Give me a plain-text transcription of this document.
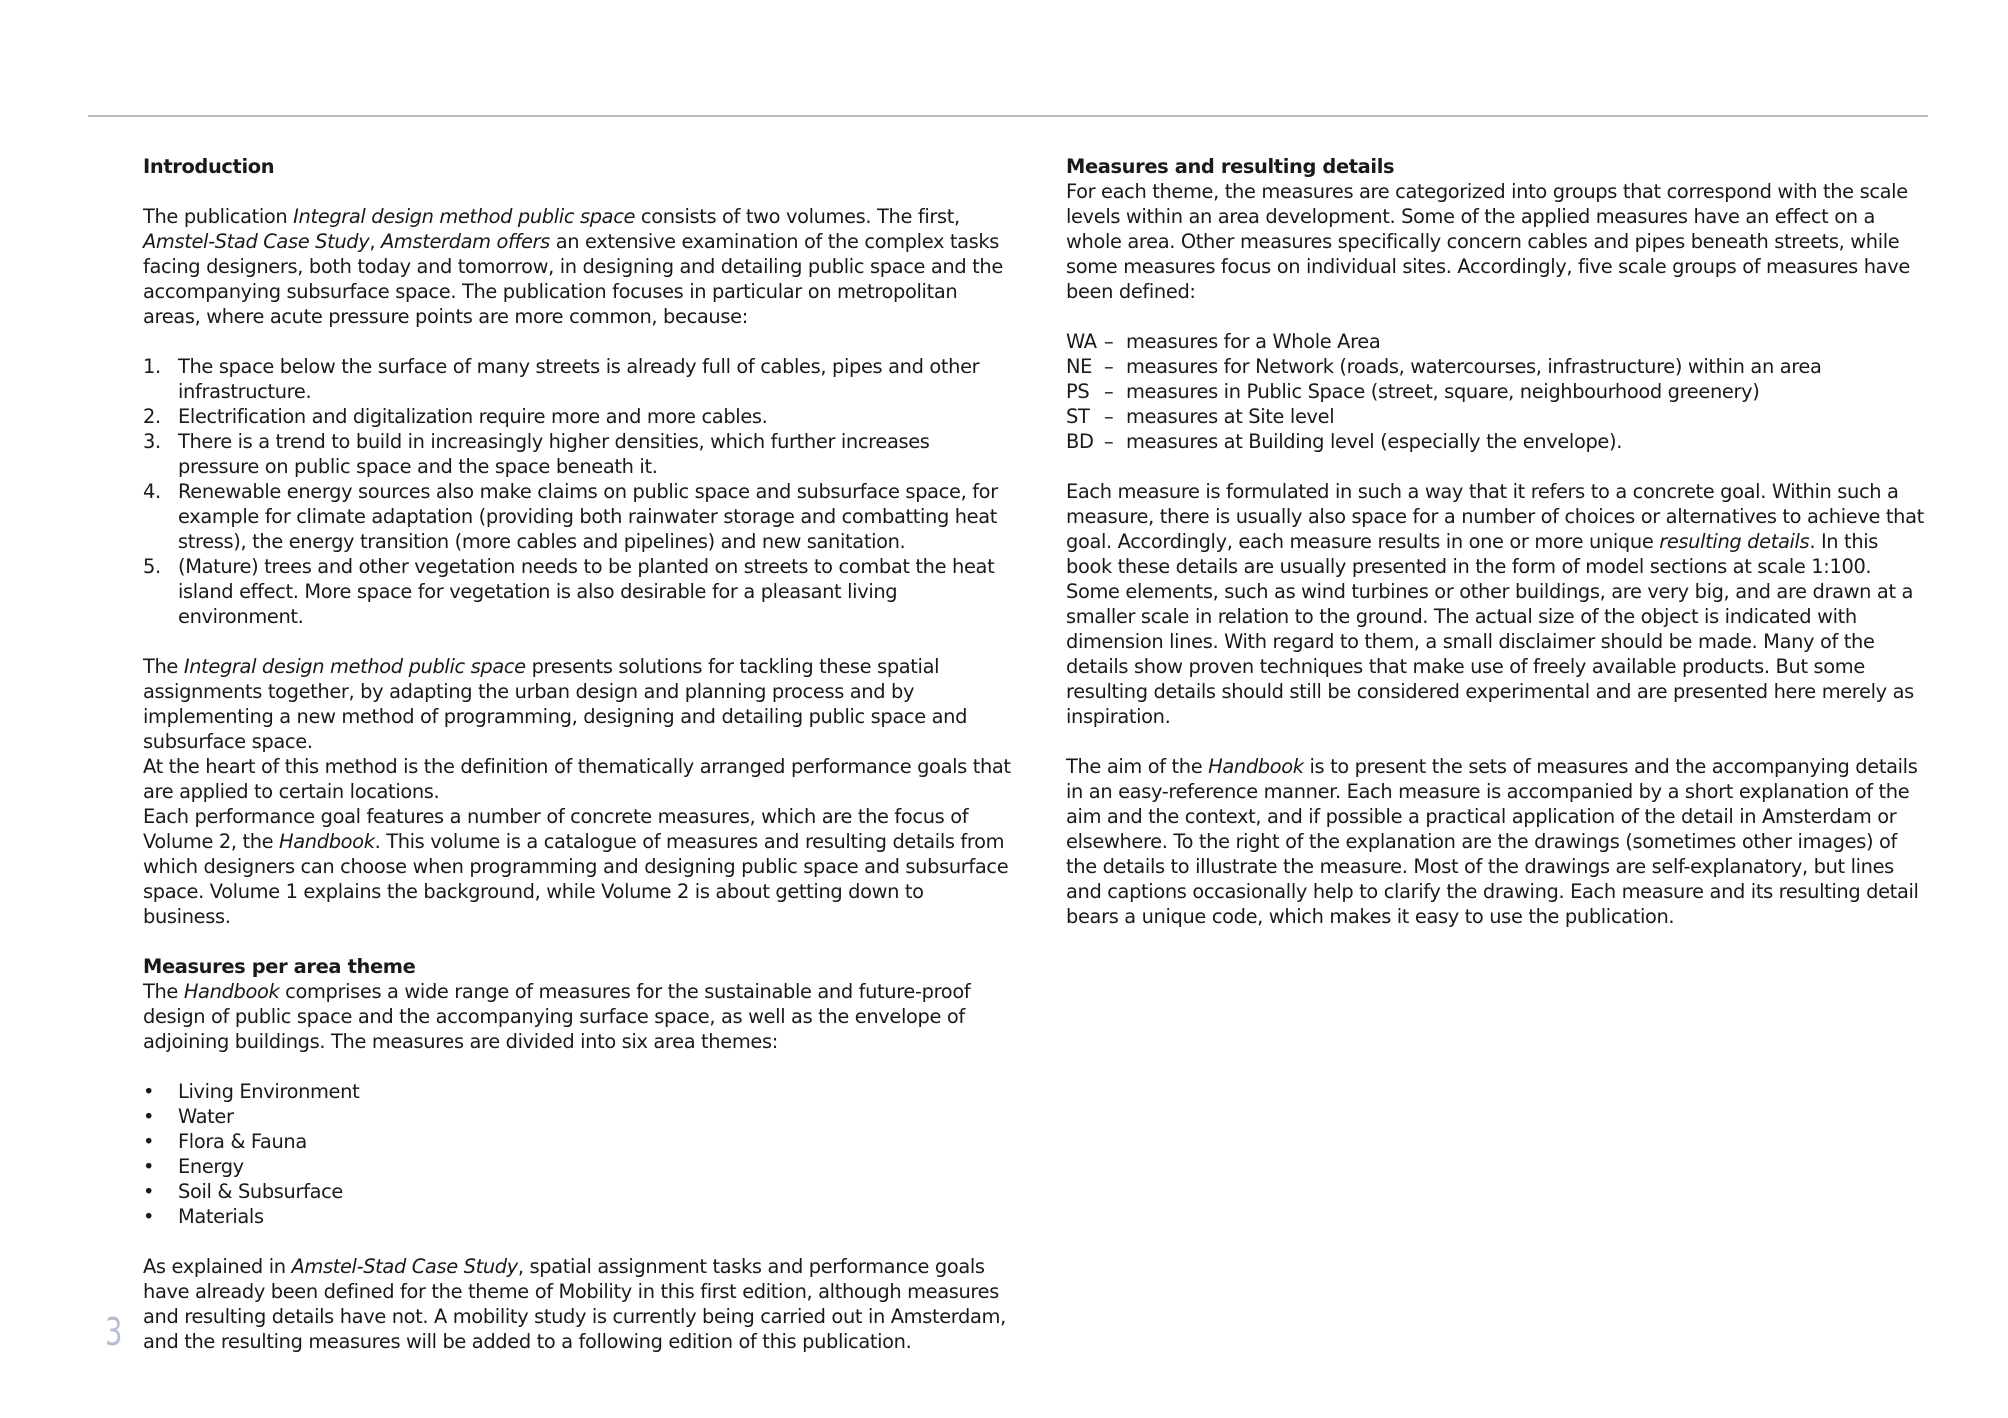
Introduction

The publication Integral design method public space consists of two volumes. The first, Amstel-Stad Case Study, Amsterdam offers an extensive examination of the complex tasks facing designers, both today and tomorrow, in designing and detailing public space and the accompanying subsurface space. The publication focuses in particular on metropolitan areas, where acute pressure points are more common, because:

1. The space below the surface of many streets is already full of cables, pipes and other infrastructure.
2. Electrification and digitalization require more and more cables.
3. There is a trend to build in increasingly higher densities, which further increases pressure on public space and the space beneath it.
4. Renewable energy sources also make claims on public space and subsurface space, for example for climate adaptation (providing both rainwater storage and combatting heat stress), the energy transition (more cables and pipelines) and new sanitation.
5. (Mature) trees and other vegetation needs to be planted on streets to combat the heat island effect. More space for vegetation is also desirable for a pleasant living environment.

The Integral design method public space presents solutions for tackling these spatial assignments together, by adapting the urban design and planning process and by implementing a new method of programming, designing and detailing public space and subsurface space.

At the heart of this method is the definition of thematically arranged performance goals that are applied to certain locations.

Each performance goal features a number of concrete measures, which are the focus of Volume 2, the Handbook. This volume is a catalogue of measures and resulting details from which designers can choose when programming and designing public space and subsurface space. Volume 1 explains the background, while Volume 2 is about getting down to business.

Measures per area theme

The Handbook comprises a wide range of measures for the sustainable and future-proof design of public space and the accompanying surface space, as well as the envelope of adjoining buildings. The measures are divided into six area themes:

•	Living Environment
•	Water
•	Flora & Fauna
•	Energy
•	Soil & Subsurface
•	Materials

As explained in Amstel-Stad Case Study, spatial assignment tasks and performance goals have already been defined for the theme of Mobility in this first edition, although measures and resulting details have not. A mobility study is currently being carried out in Amsterdam, and the resulting measures will be added to a following edition of this publication.

Measures and resulting details

For each theme, the measures are categorized into groups that correspond with the scale levels within an area development. Some of the applied measures have an effect on a whole area. Other measures specifically concern cables and pipes beneath streets, while some measures focus on individual sites. Accordingly, five scale groups of measures have been defined:

WA – measures for a Whole Area
NE – measures for Network (roads, watercourses, infrastructure) within an area
PS – measures in Public Space (street, square, neighbourhood greenery)
ST – measures at Site level
BD – measures at Building level (especially the envelope).

Each measure is formulated in such a way that it refers to a concrete goal. Within such a measure, there is usually also space for a number of choices or alternatives to achieve that goal. Accordingly, each measure results in one or more unique resulting details. In this book these details are usually presented in the form of model sections at scale 1:100. Some elements, such as wind turbines or other buildings, are very big, and are drawn at a smaller scale in relation to the ground. The actual size of the object is indicated with dimension lines. With regard to them, a small disclaimer should be made. Many of the details show proven techniques that make use of freely available products. But some resulting details should still be considered experimental and are presented here merely as inspiration.

The aim of the Handbook is to present the sets of measures and the accompanying details in an easy-reference manner. Each measure is accompanied by a short explanation of the aim and the context, and if possible a practical application of the detail in Amsterdam or elsewhere. To the right of the explanation are the drawings (sometimes other images) of the details to illustrate the measure. Most of the drawings are self-explanatory, but lines and captions occasionally help to clarify the drawing. Each measure and its resulting detail bears a unique code, which makes it easy to use the publication.

3
